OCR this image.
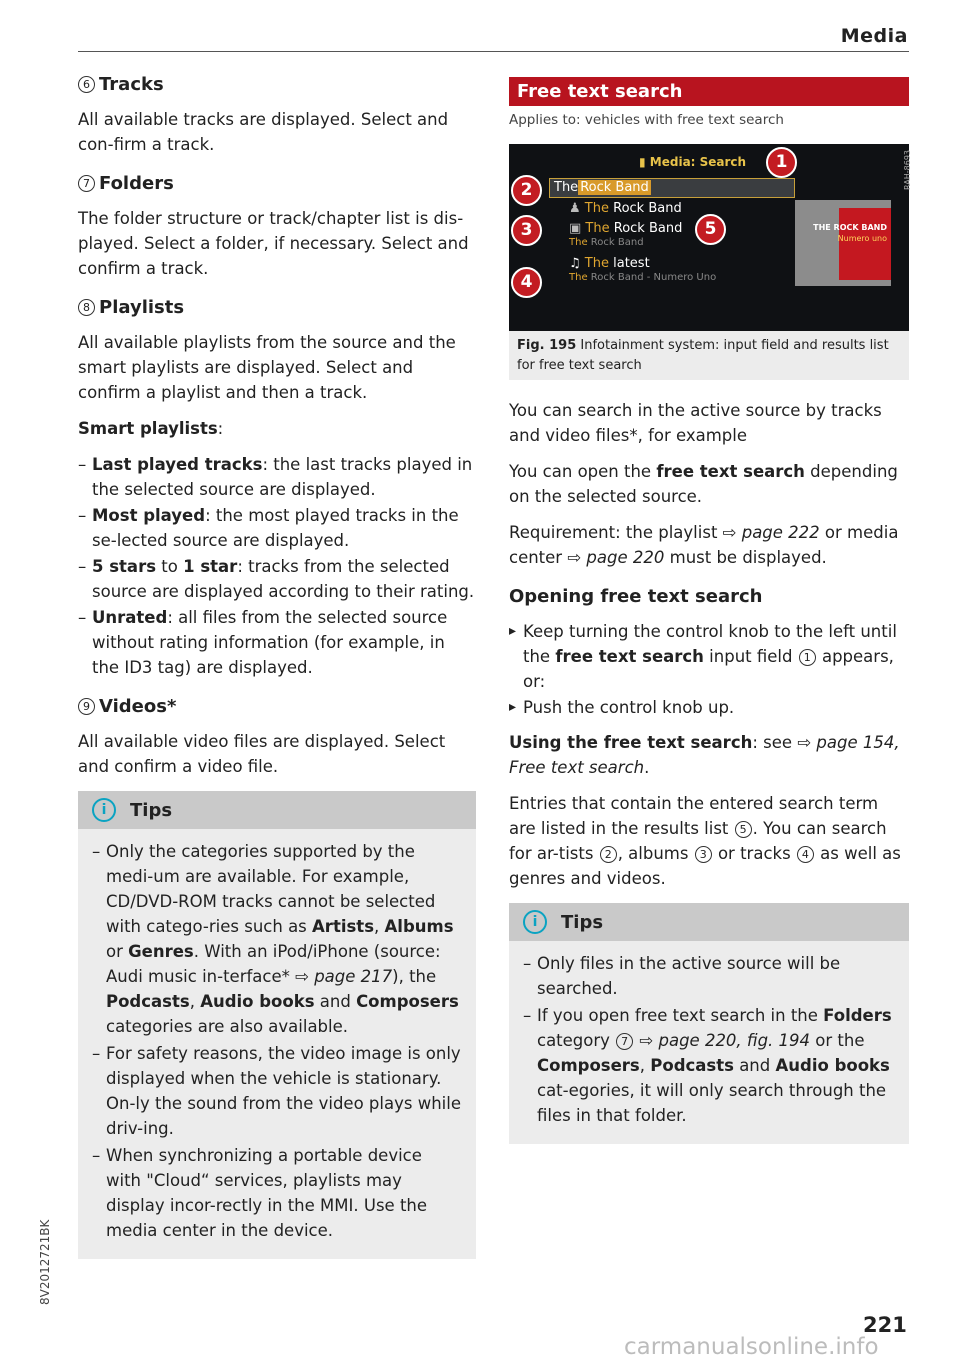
Media
6 Tracks

All available tracks are displayed. Select and con-firm a track.

7 Folders

The folder structure or track/chapter list is dis-played. Select a folder, if necessary. Select and confirm a track.

8 Playlists

All available playlists from the source and the smart playlists are displayed. Select and confirm a playlist and then a track.

Smart playlists:

– Last played tracks: the last tracks played in the selected source are displayed.
– Most played: the most played tracks in the se-lected source are displayed.
– 5 stars to 1 star: tracks from the selected source are displayed according to their rating.
– Unrated: all files from the selected source without rating information (for example, in the ID3 tag) are displayed.
9 Videos*

All available video files are displayed. Select and confirm a video file.

i	Tips
– Only the categories supported by the medi-um are available. For example, CD/DVD-ROM tracks cannot be selected with catego-ries such as Artists, Albums or Genres. With an iPod/iPhone (source: Audi music in-terface* ⇨ page 217), the Podcasts, Audio books and Composers categories are also available.
– For safety reasons, the video image is only displayed when the vehicle is stationary. On-ly the sound from the video plays while driv-ing.
– When synchronizing a portable device with "Cloud“ services, playlists may display incor-rectly in the MMI. Use the media center in the device.
Free text search
Applies to: vehicles with free text search
▮ Media: Search	RAH-8693
The Rock Band
♟ The Rock Band
▣ The Rock Band
The Rock Band
♫ The latest
The Rock Band - Numero Uno
THE ROCK BAND
Numero uno
1
2
3
4
5
Fig. 195 Infotainment system: input field and results list for free text search

You can search in the active source by tracks and video files*, for example

You can open the free text search depending on the selected source.

Requirement: the playlist ⇨ page 222 or media center ⇨ page 220 must be displayed.

Opening free text search
▸ Keep turning the control knob to the left until the free text search input field 1 appears, or:
▸ Push the control knob up.

Using the free text search: see ⇨ page 154, Free text search.

Entries that contain the entered search term are listed in the results list 5 . You can search for ar-tists 2 , albums 3 or tracks 4 as well as genres and videos.

i	Tips
– Only files in the active source will be searched.
– If you open free text search in the Folders category 7 ⇨ page 220, fig. 194 or the Composers, Podcasts and Audio books cat-egories, it will only search through the files in that folder.
8V2012721BK
221
carmanualsonline.info
